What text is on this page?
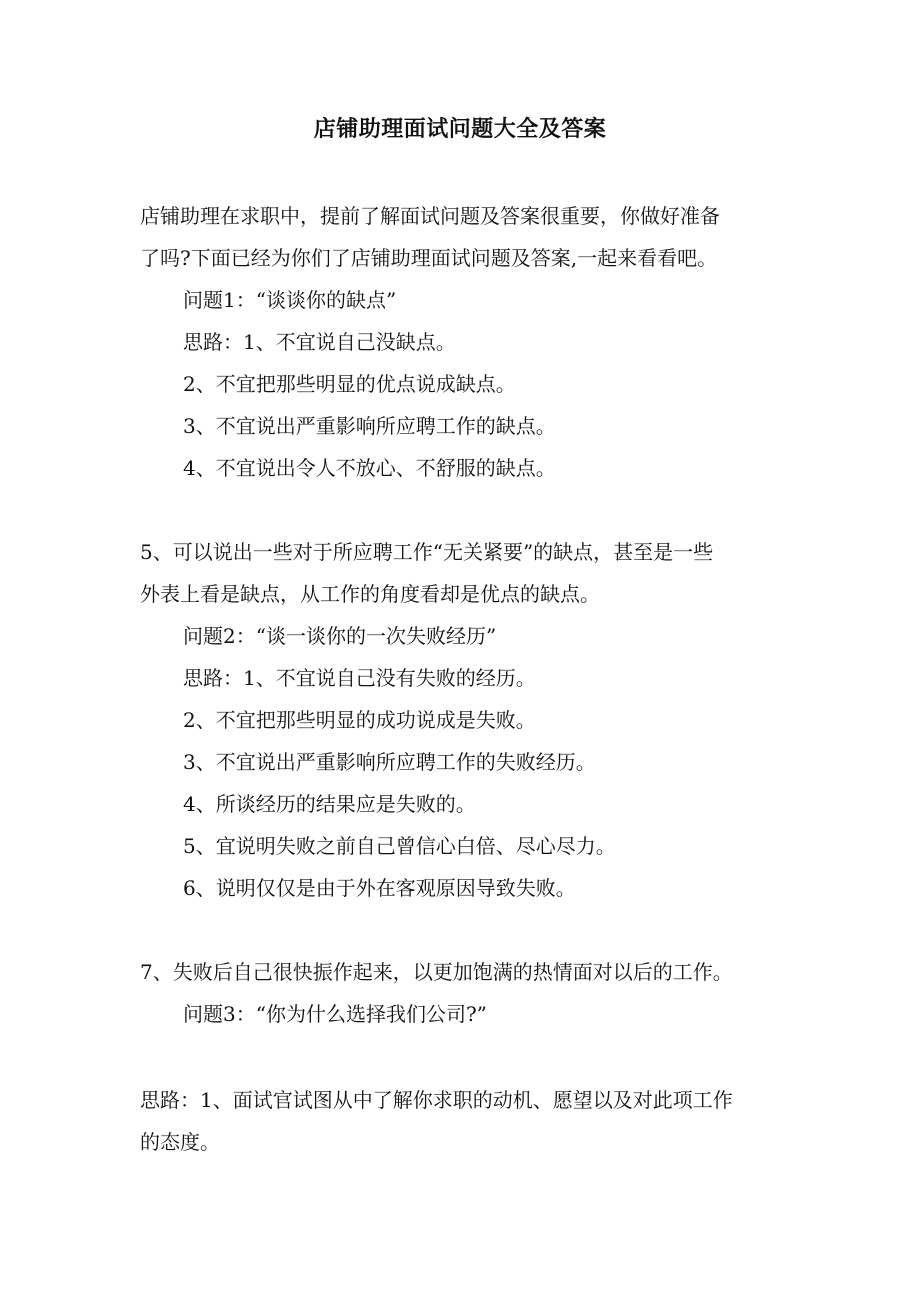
店铺助理面试问题大全及答案
店铺助理在求职中，提前了解面试问题及答案很重要，你做好准备
了吗?下面已经为你们了店铺助理面试问题及答案,一起来看看吧。
问题1：“谈谈你的缺点”
思路：1、不宜说自己没缺点。
2、不宜把那些明显的优点说成缺点。
3、不宜说出严重影响所应聘工作的缺点。
4、不宜说出令人不放心、不舒服的缺点。
5、可以说出一些对于所应聘工作“无关紧要”的缺点，甚至是一些
外表上看是缺点，从工作的角度看却是优点的缺点。
问题2：“谈一谈你的一次失败经历”
思路：1、不宜说自己没有失败的经历。
2、不宜把那些明显的成功说成是失败。
3、不宜说出严重影响所应聘工作的失败经历。
4、所谈经历的结果应是失败的。
5、宜说明失败之前自己曾信心白倍、尽心尽力。
6、说明仅仅是由于外在客观原因导致失败。
7、失败后自己很快振作起来，以更加饱满的热情面对以后的工作。
问题3：“你为什么选择我们公司?”
思路：1、面试官试图从中了解你求职的动机、愿望以及对此项工作
的态度。
